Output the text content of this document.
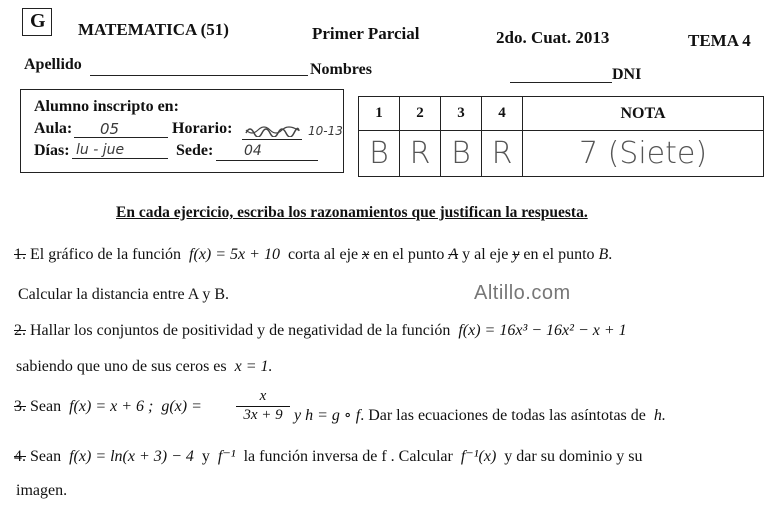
G MATEMATICA (51)	Primer Parcial	2do. Cuat. 2013	TEMA 4
Apellido	Nombres	DNI
Alumno inscripto en:
Aula: 05	Horario:	10-13
Días: lu - jue	Sede: 04
1	2	3	4	NOTA
B	R	B	R	7 (Siete)
En cada ejercicio, escriba los razonamientos que justifican la respuesta.
1. El gráfico de la función f(x) = 5x + 10 corta al eje x en el punto A y al eje y en el punto B.
Calcular la distancia entre A y B.	Altillo.com
2. Hallar los conjuntos de positividad y de negatividad de la función f(x) = 16x³ − 16x² − x + 1
sabiendo que uno de sus ceros es x = 1.
3. Sean f(x) = x + 6 ; $g(x) = \frac{x}{3x + 9}$ y h = g ∘ f. Dar las ecuaciones de todas las asíntotas de h.
4. Sean f(x) = ln(x + 3) − 4 y f⁻¹ la función inversa de f . Calcular f⁻¹(x) y dar su dominio y su
imagen.
